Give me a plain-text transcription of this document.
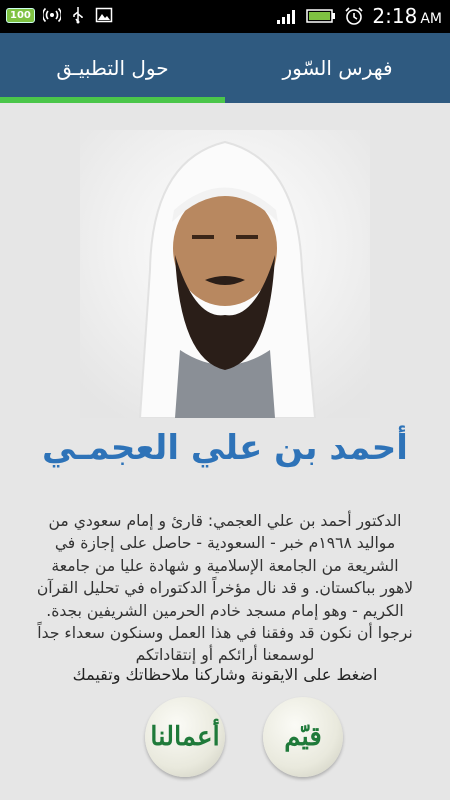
100	2:18 AM
حول التطبيـق	فهرس السّور
أحمد بن علي العجمـي

الدكتور أحمد بن علي العجمي: قارئ و إمام سعودي من

مواليد ١٩٦٨م خبر - السعودية - حاصل على إجازة في

الشريعة من الجامعة الإسلامية و شهادة عليا من جامعة

لاهور بباكستان. و قد نال مؤخراً الدكتوراه في تحليل القرآن

الكريم - وهو إمام مسجد خادم الحرمين الشريفين بجدة.

نرجوا أن نكون قد وفقنا في هذا العمل وسنكون سعداء جداً

لوسمعنا أرائكم أو إنتقاداتكم

اضغط على الايقونة وشاركنا ملاحظاتك وتقيمك
أعمالنا قيّم
